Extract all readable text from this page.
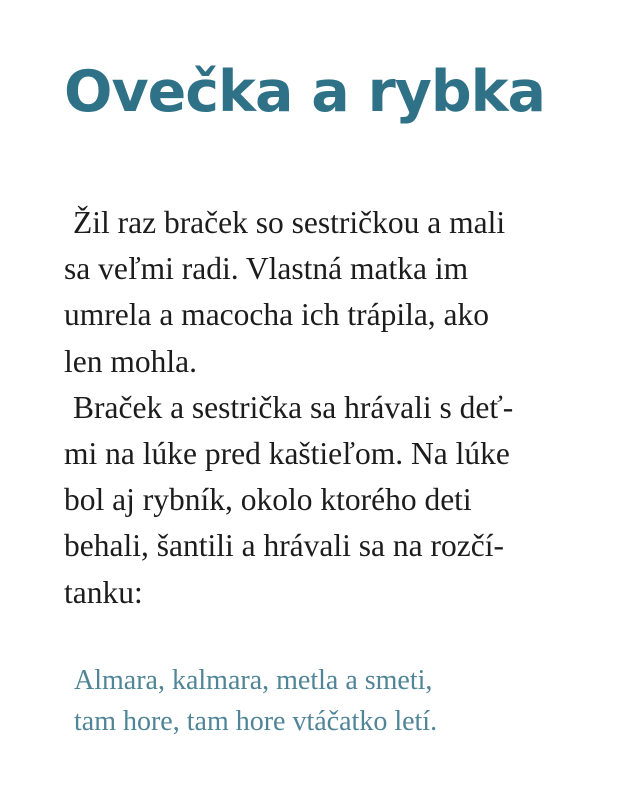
Ovečka a rybka
Žil raz braček so sestričkou a mali
sa veľmi radi. Vlastná matka im
umrela a macocha ich trápila, ako
len mohla.
Braček a sestrička sa hrávali s deť-
mi na lúke pred kaštieľom. Na lúke
bol aj rybník, okolo ktorého deti
behali, šantili a hrávali sa na rozčí-
tanku:
Almara, kalmara, metla a smeti,
tam hore, tam hore vtáčatko letí.
